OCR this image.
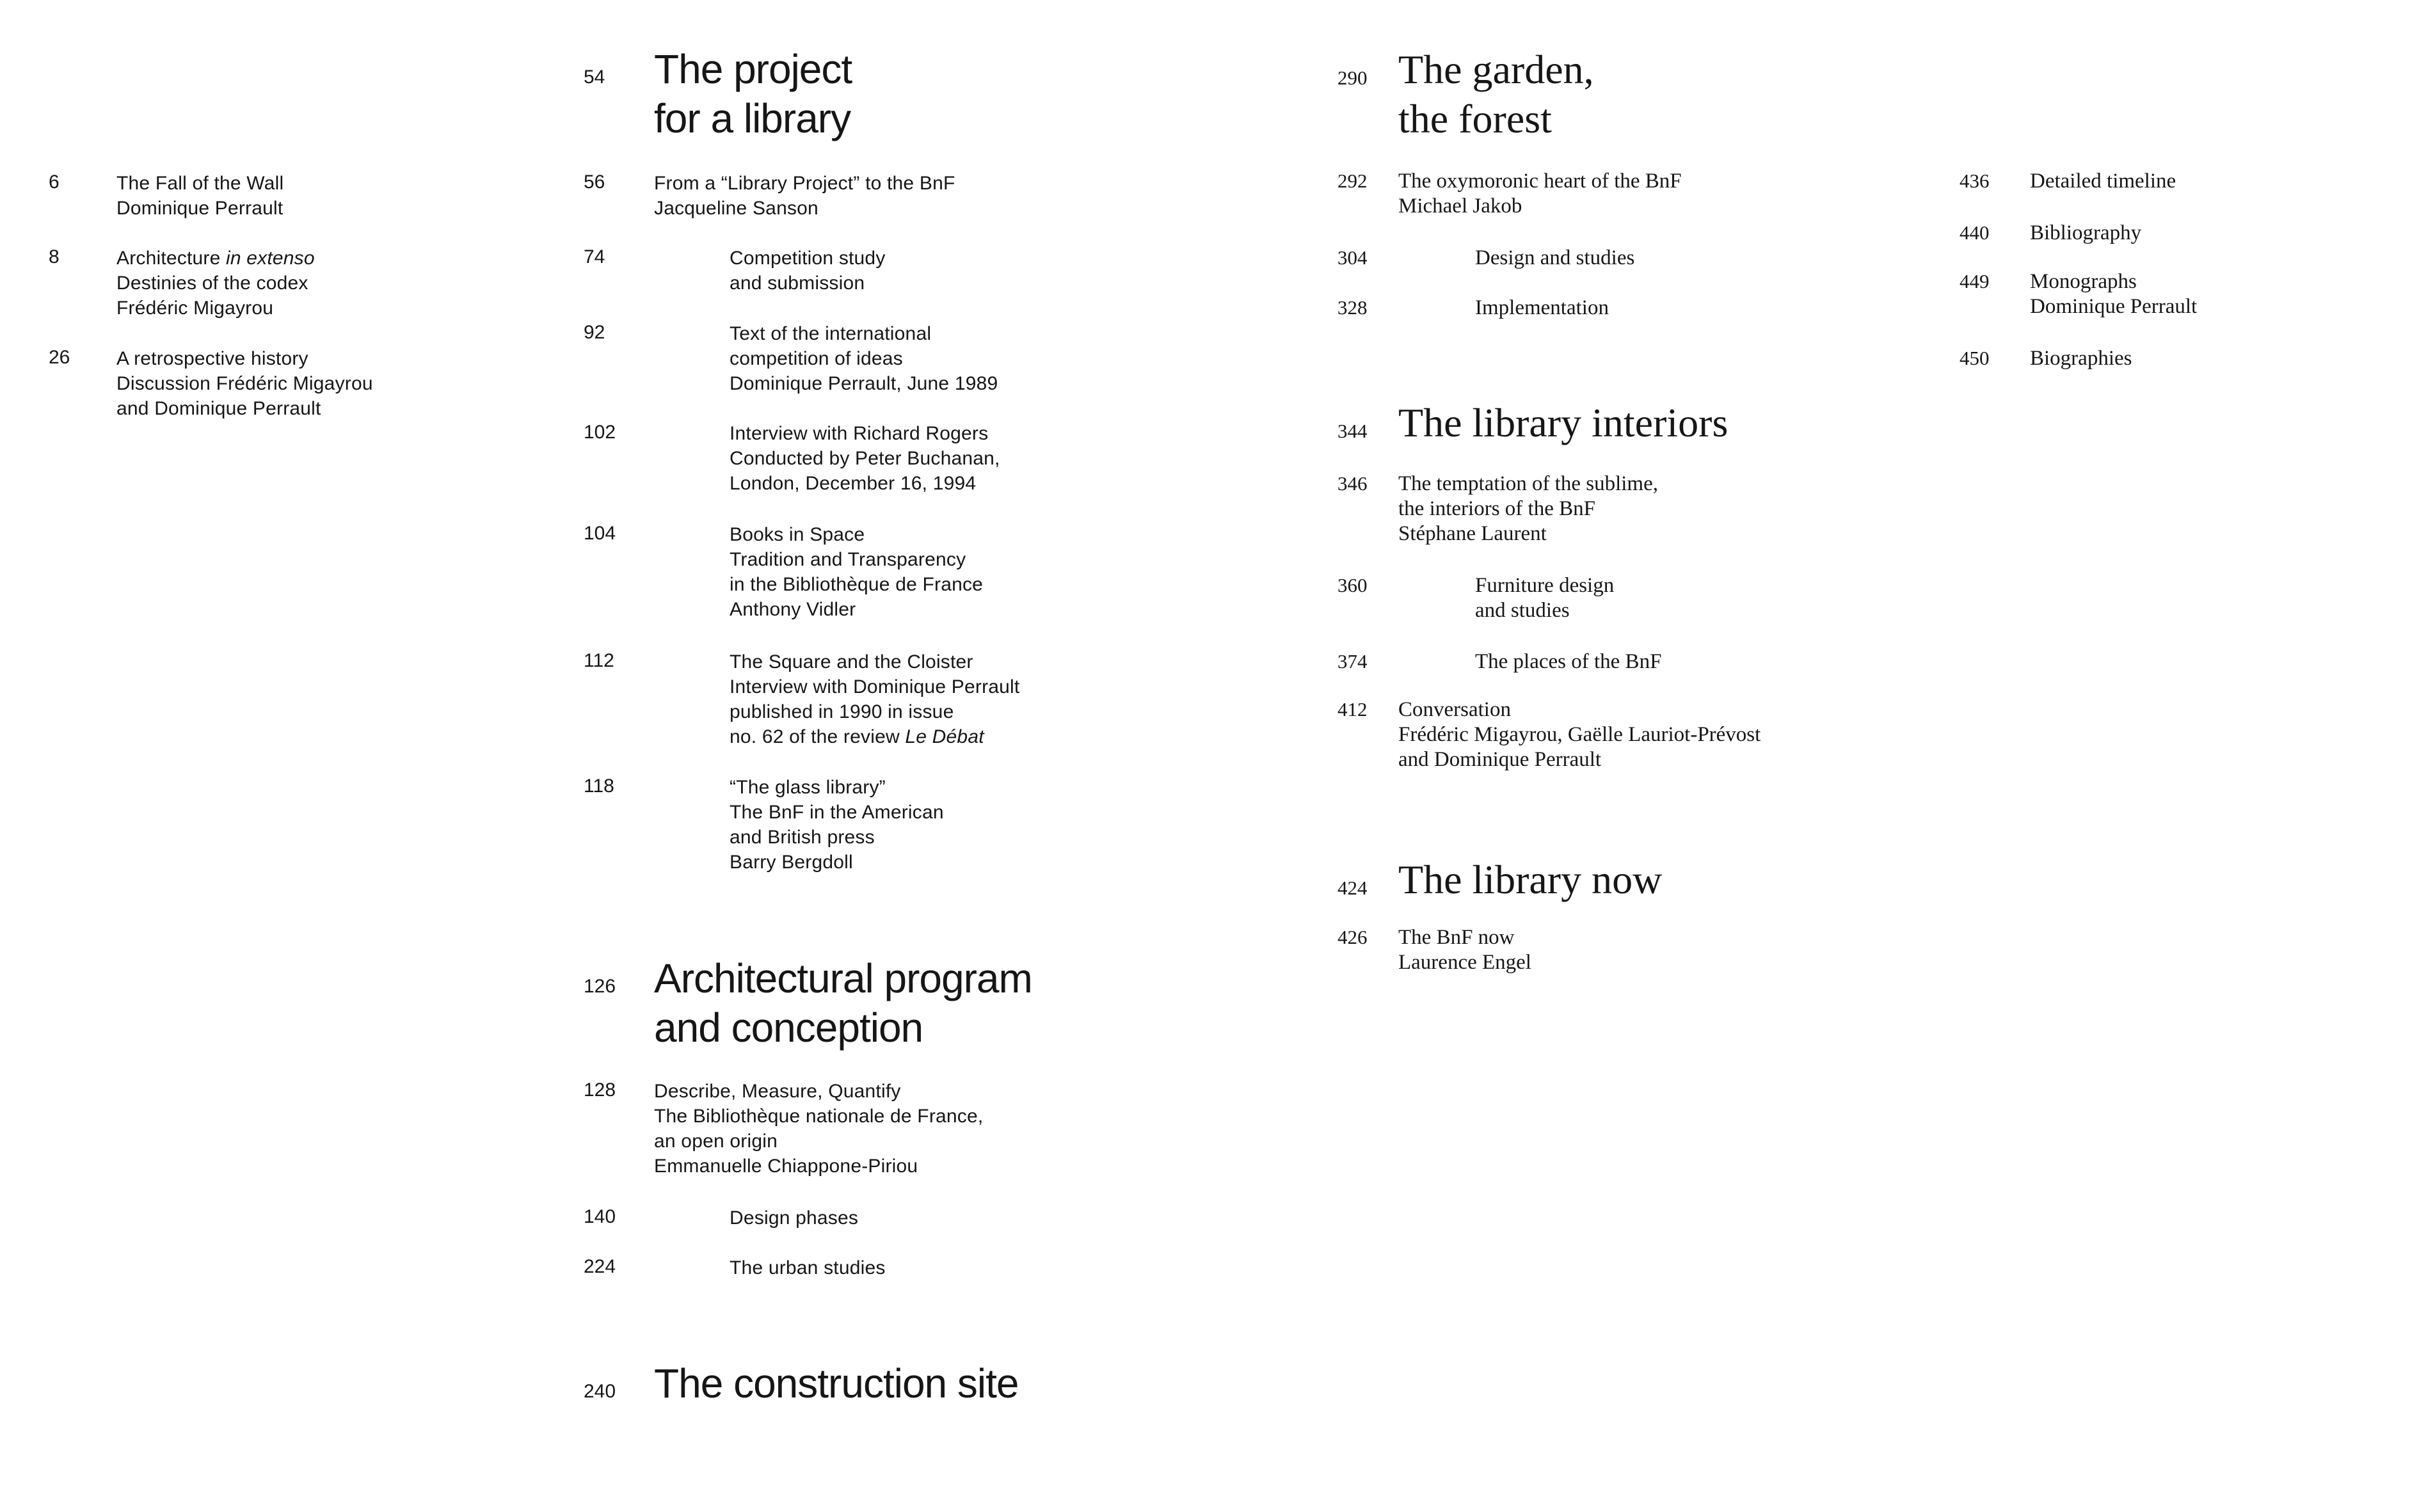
6	The Fall of the Wall
Dominique Perrault
8	Architecture in extenso
Destinies of the codex
Frédéric Migayrou
26 A retrospective history
Discussion Frédéric Migayrou
and Dominique Perrault
54 The project
for a library
56	From a “Library Project” to the BnF
Jacqueline Sanson
74	Competition study
and submission
92	Text of the international
competition of ideas
Dominique Perrault, June 1989
102	Interview with Richard Rogers
Conducted by Peter Buchanan,
London, December 16, 1994
104	Books in Space
Tradition and Transparency
in the Bibliothèque de France
Anthony Vidler
112	The Square and the Cloister
Interview with Dominique Perrault
published in 1990 in issue
no. 62 of the review Le Débat
118	“The glass library”
The BnF in the American
and British press
Barry Bergdoll
126 Architectural program
and conception
128 Describe, Measure, Quantify
The Bibliothèque nationale de France,
an open origin
Emmanuelle Chiappone-Piriou
140	Design phases
224	The urban studies
240 The construction site
290 The garden,
the forest
292 The oxymoronic heart of the BnF
Michael Jakob
304	Design and studies
328	Implementation
344 The library interiors
346 The temptation of the sublime,
the interiors of the BnF
Stéphane Laurent
360	Furniture design
and studies
374	The places of the BnF
412 Conversation
Frédéric Migayrou, Gaëlle Lauriot-Prévost
and Dominique Perrault
424 The library now
426 The BnF now
Laurence Engel
436 Detailed timeline
440 Bibliography
449 Monographs
Dominique Perrault
450 Biographies
